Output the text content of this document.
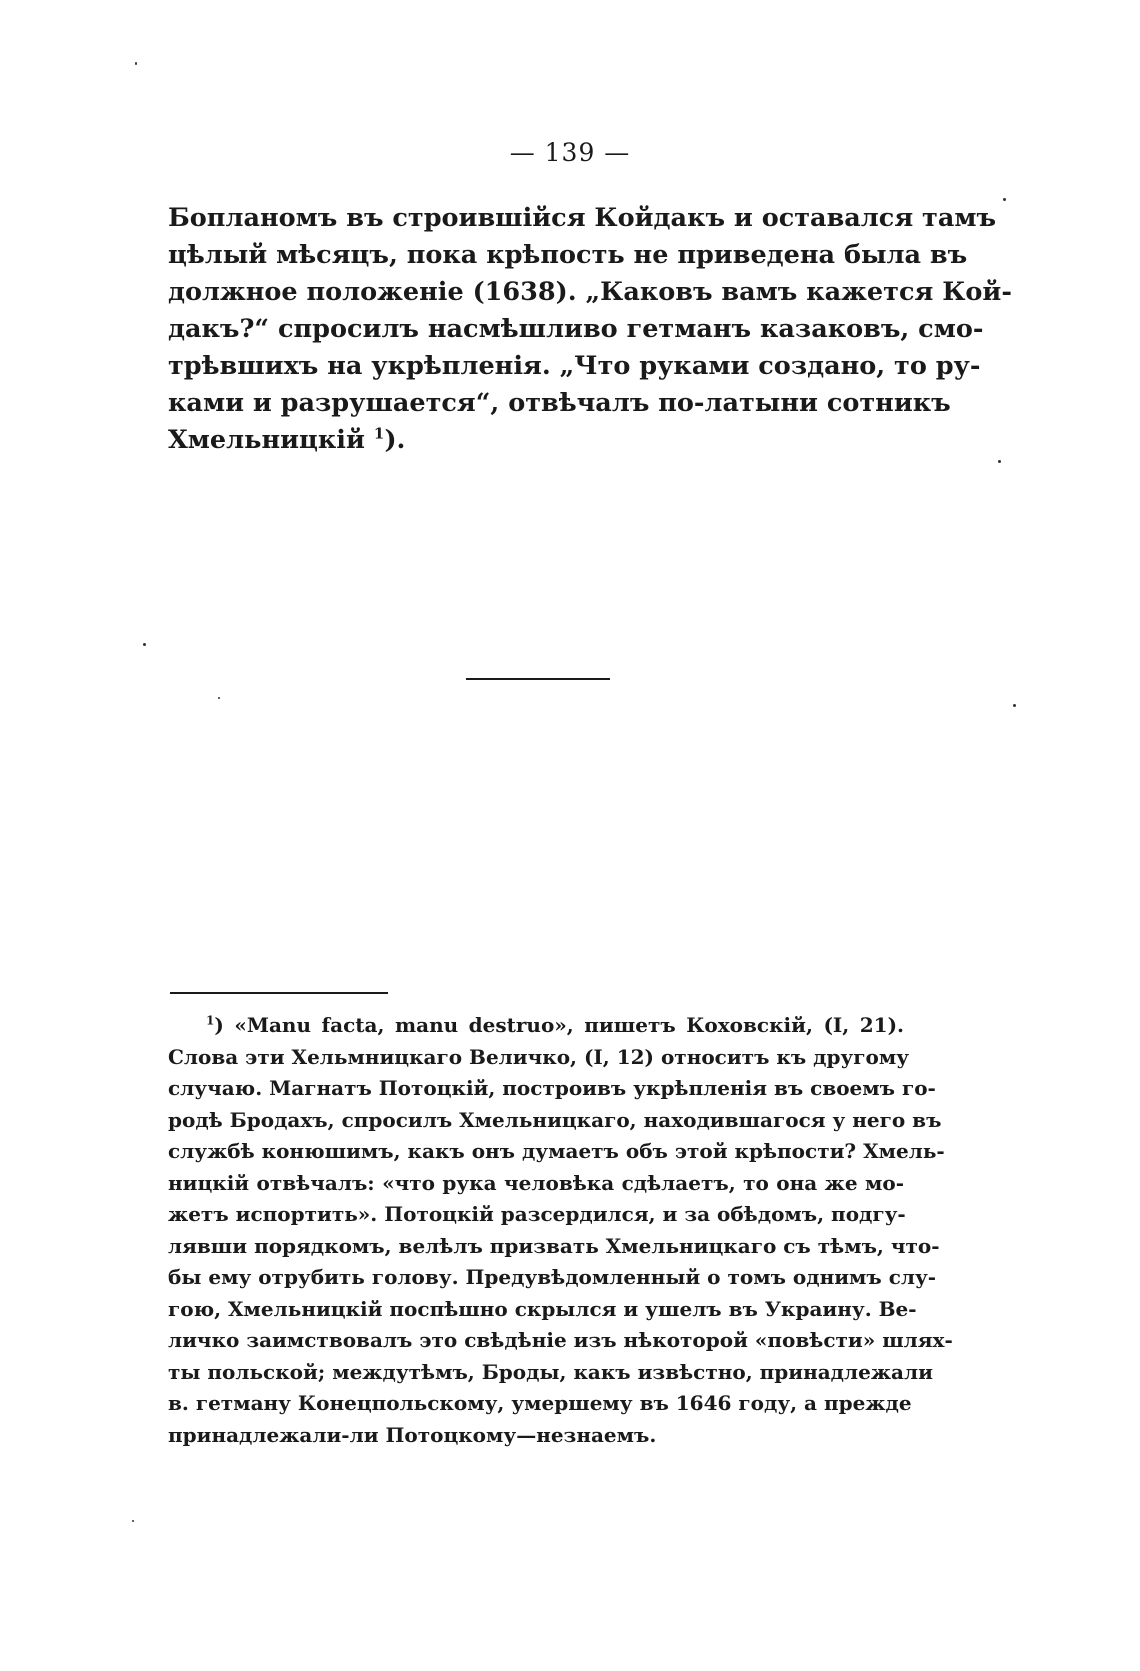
— 139 —
Бопланомъ въ строившійся Койдакъ и оставался тамъ
цѣлый мѣсяцъ, пока крѣпость не приведена была въ
должное положеніе (1638). „Каковъ вамъ кажется Кой-
дакъ?“ спросилъ насмѣшливо гетманъ казаковъ, смо-
трѣвшихъ на укрѣпленія. „Что руками создано, то ру-
ками и разрушается“, отвѣчалъ по-латыни сотникъ
Хмельницкій $^1$).
$^1$) «Manu facta, manu destruo», пишетъ Коховскій, (I, 21).
Слова эти Хельмницкаго Величко, (I, 12) относитъ къ другому
случаю. Магнатъ Потоцкій, построивъ укрѣпленія въ своемъ го-
родѣ Бродахъ, спросилъ Хмельницкаго, находившагося у него въ
службѣ конюшимъ, какъ онъ думаетъ объ этой крѣпости? Хмель-
ницкій отвѣчалъ: «что рука человѣка сдѣлаетъ, то она же мо-
жетъ испортить». Потоцкій разсердился, и за обѣдомъ, подгу-
лявши порядкомъ, велѣлъ призвать Хмельницкаго съ тѣмъ, что-
бы ему отрубить голову. Предувѣдомленный о томъ однимъ слу-
гою, Хмельницкій поспѣшно скрылся и ушелъ въ Украину. Ве-
личко заимствовалъ это свѣдѣніе изъ нѣкоторой «повѣсти» шлях-
ты польской; междутѣмъ, Броды, какъ извѣстно, принадлежали
в. гетману Конецпольскому, умершему въ 1646 году, а прежде
принадлежали-ли Потоцкому—незнаемъ.
